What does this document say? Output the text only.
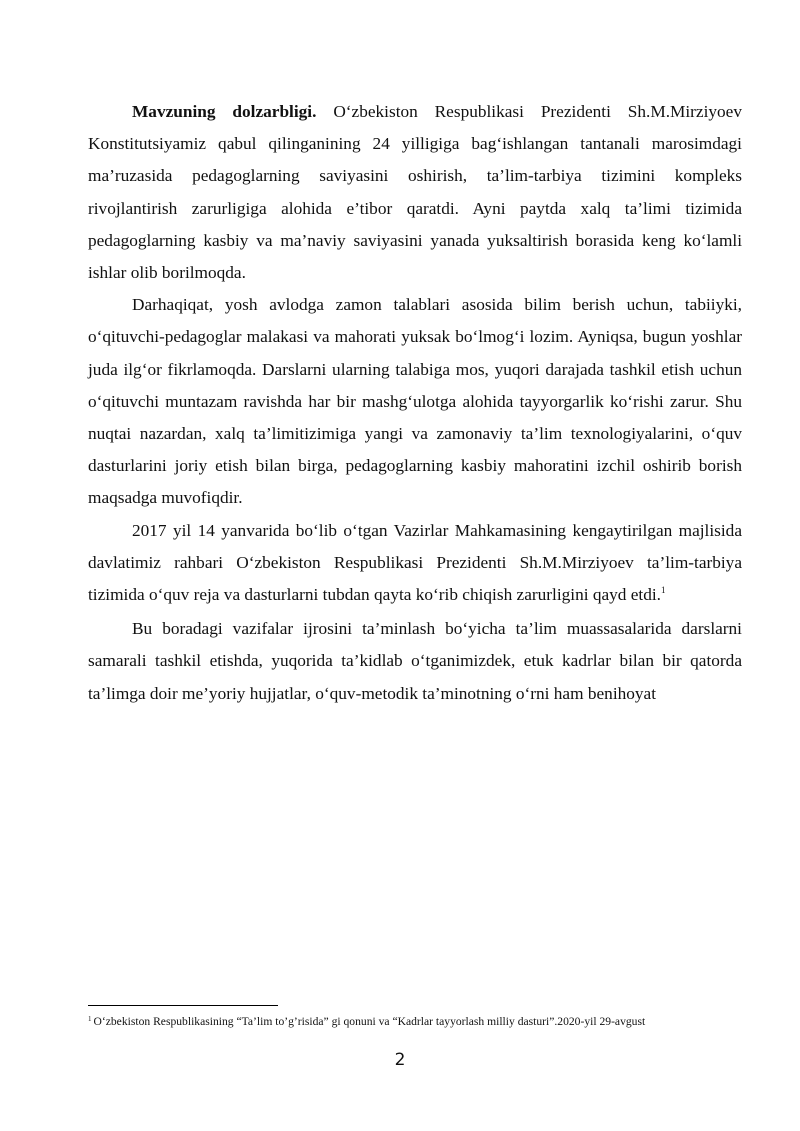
Mavzuning dolzarbligi. O‘zbekiston Respublikasi Prezidenti Sh.M.Mirziyoev Konstitutsiyamiz qabul qilinganining 24 yilligiga bag‘ishlangan tantanali marosimdagi ma’ruzasida pedagoglarning saviyasini oshirish, ta’lim-tarbiya tizimini kompleks rivojlantirish zarurligiga alohida e’tibor qaratdi. Ayni paytda xalq ta’limi tizimida pedagoglarning kasbiy va ma’naviy saviyasini yanada yuksaltirish borasida keng ko‘lamli ishlar olib borilmoqda.

Darhaqiqat, yosh avlodga zamon talablari asosida bilim berish uchun, tabiiyki, o‘qituvchi-pedagoglar malakasi va mahorati yuksak bo‘lmog‘i lozim. Ayniqsa, bugun yoshlar juda ilg‘or fikrlamoqda. Darslarni ularning talabiga mos, yuqori darajada tashkil etish uchun o‘qituvchi muntazam ravishda har bir mashg‘ulotga alohida tayyorgarlik ko‘rishi zarur. Shu nuqtai nazardan, xalq ta’limitizimiga yangi va zamonaviy ta’lim texnologiyalarini, o‘quv dasturlarini joriy etish bilan birga, pedagoglarning kasbiy mahoratini izchil oshirib borish maqsadga muvofiqdir.

2017 yil 14 yanvarida bo‘lib o‘tgan Vazirlar Mahkamasining kengaytirilgan majlisida davlatimiz rahbari O‘zbekiston Respublikasi Prezidenti Sh.M.Mirziyoev ta’lim-tarbiya tizimida o‘quv reja va dasturlarni tubdan qayta ko‘rib chiqish zarurligini qayd etdi.$^1$

Bu boradagi vazifalar ijrosini ta’minlash bo‘yicha ta’lim muassasalarida darslarni samarali tashkil etishda, yuqorida ta’kidlab o‘tganimizdek, etuk kadrlar bilan bir qatorda ta’limga doir me’yoriy hujjatlar, o‘quv-metodik ta’minotning o‘rni ham benihoyat

$^1$ O‘zbekiston Respublikasining “Ta’lim to’g’risida” gi qonuni va “Kadrlar tayyorlash milliy dasturi”.2020-yil 29-avgust
2
